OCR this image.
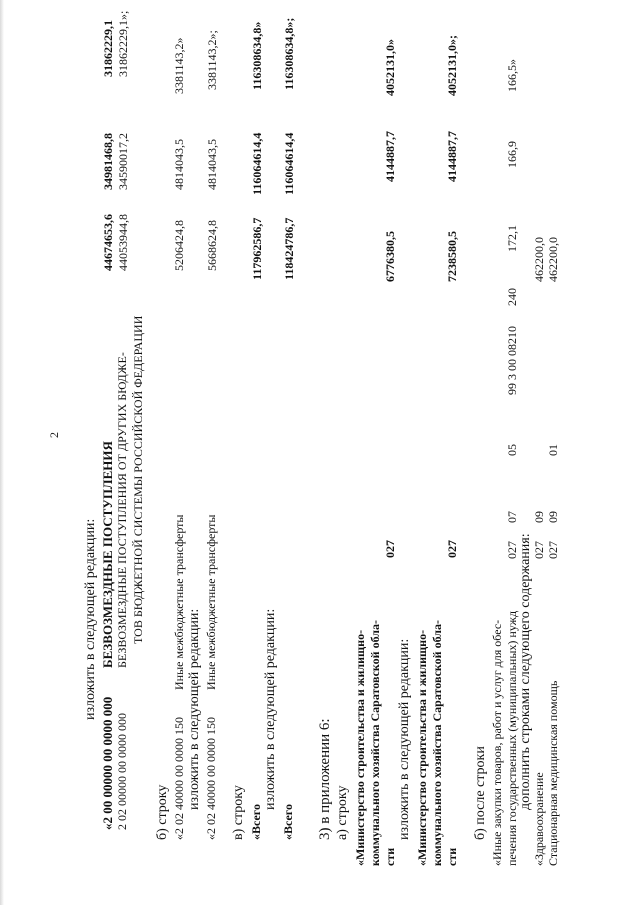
2
изложить в следующей редакции:
«2 00 00000 00 0000 000
БЕЗВОЗМЕЗДНЫЕ ПОСТУПЛЕНИЯ
44674653,6
34981468,8
31862229,1
2 02 00000 00 0000 000
БЕЗВОЗМЕЗДНЫЕ ПОСТУПЛЕНИЯ ОТ ДРУГИХ БЮДЖЕ- ТОВ БЮДЖЕТНОЙ СИСТЕМЫ РОССИЙСКОЙ ФЕДЕРАЦИИ
44053944,8
34590017,2
31862229,1»;
б) строку «2 02 40000 00 0000 150
Иные межбюджетные трансферты
5206424,8
4814043,5
3381143,2»
изложить в следующей редакции: «2 02 40000 00 0000 150
Иные межбюджетные трансферты
5668624,8
4814043,5
3381143,2»;
в) строку «Всего
117962586,7
116064614,4
116308634,8»
изложить в следующей редакции:
«Всего
118424786,7
116064614,4
116308634,8»;
3) в приложении 6: а) строку «Министерство строительства и жилищно- коммунального хозяйства Саратовской обла- сти
027
6776380,5
4144887,7
4052131,0»
изложить в следующей редакции: «Министерство строительства и жилищно- коммунального хозяйства Саратовской обла- сти
027
7238580,5
4144887,7
4052131,0»;
б) после строки «Иные закупки товаров, работ и услуг для обес- печения государственных (муниципальных) нужд
027
07
05
99 3 00 08210
240
172,1
166,9
166,5»
дополнить строками следующего содержания:
«Здравоохранение
027
09
462200,0
Стационарная медицинская помощь
027
09
01
462200,0
